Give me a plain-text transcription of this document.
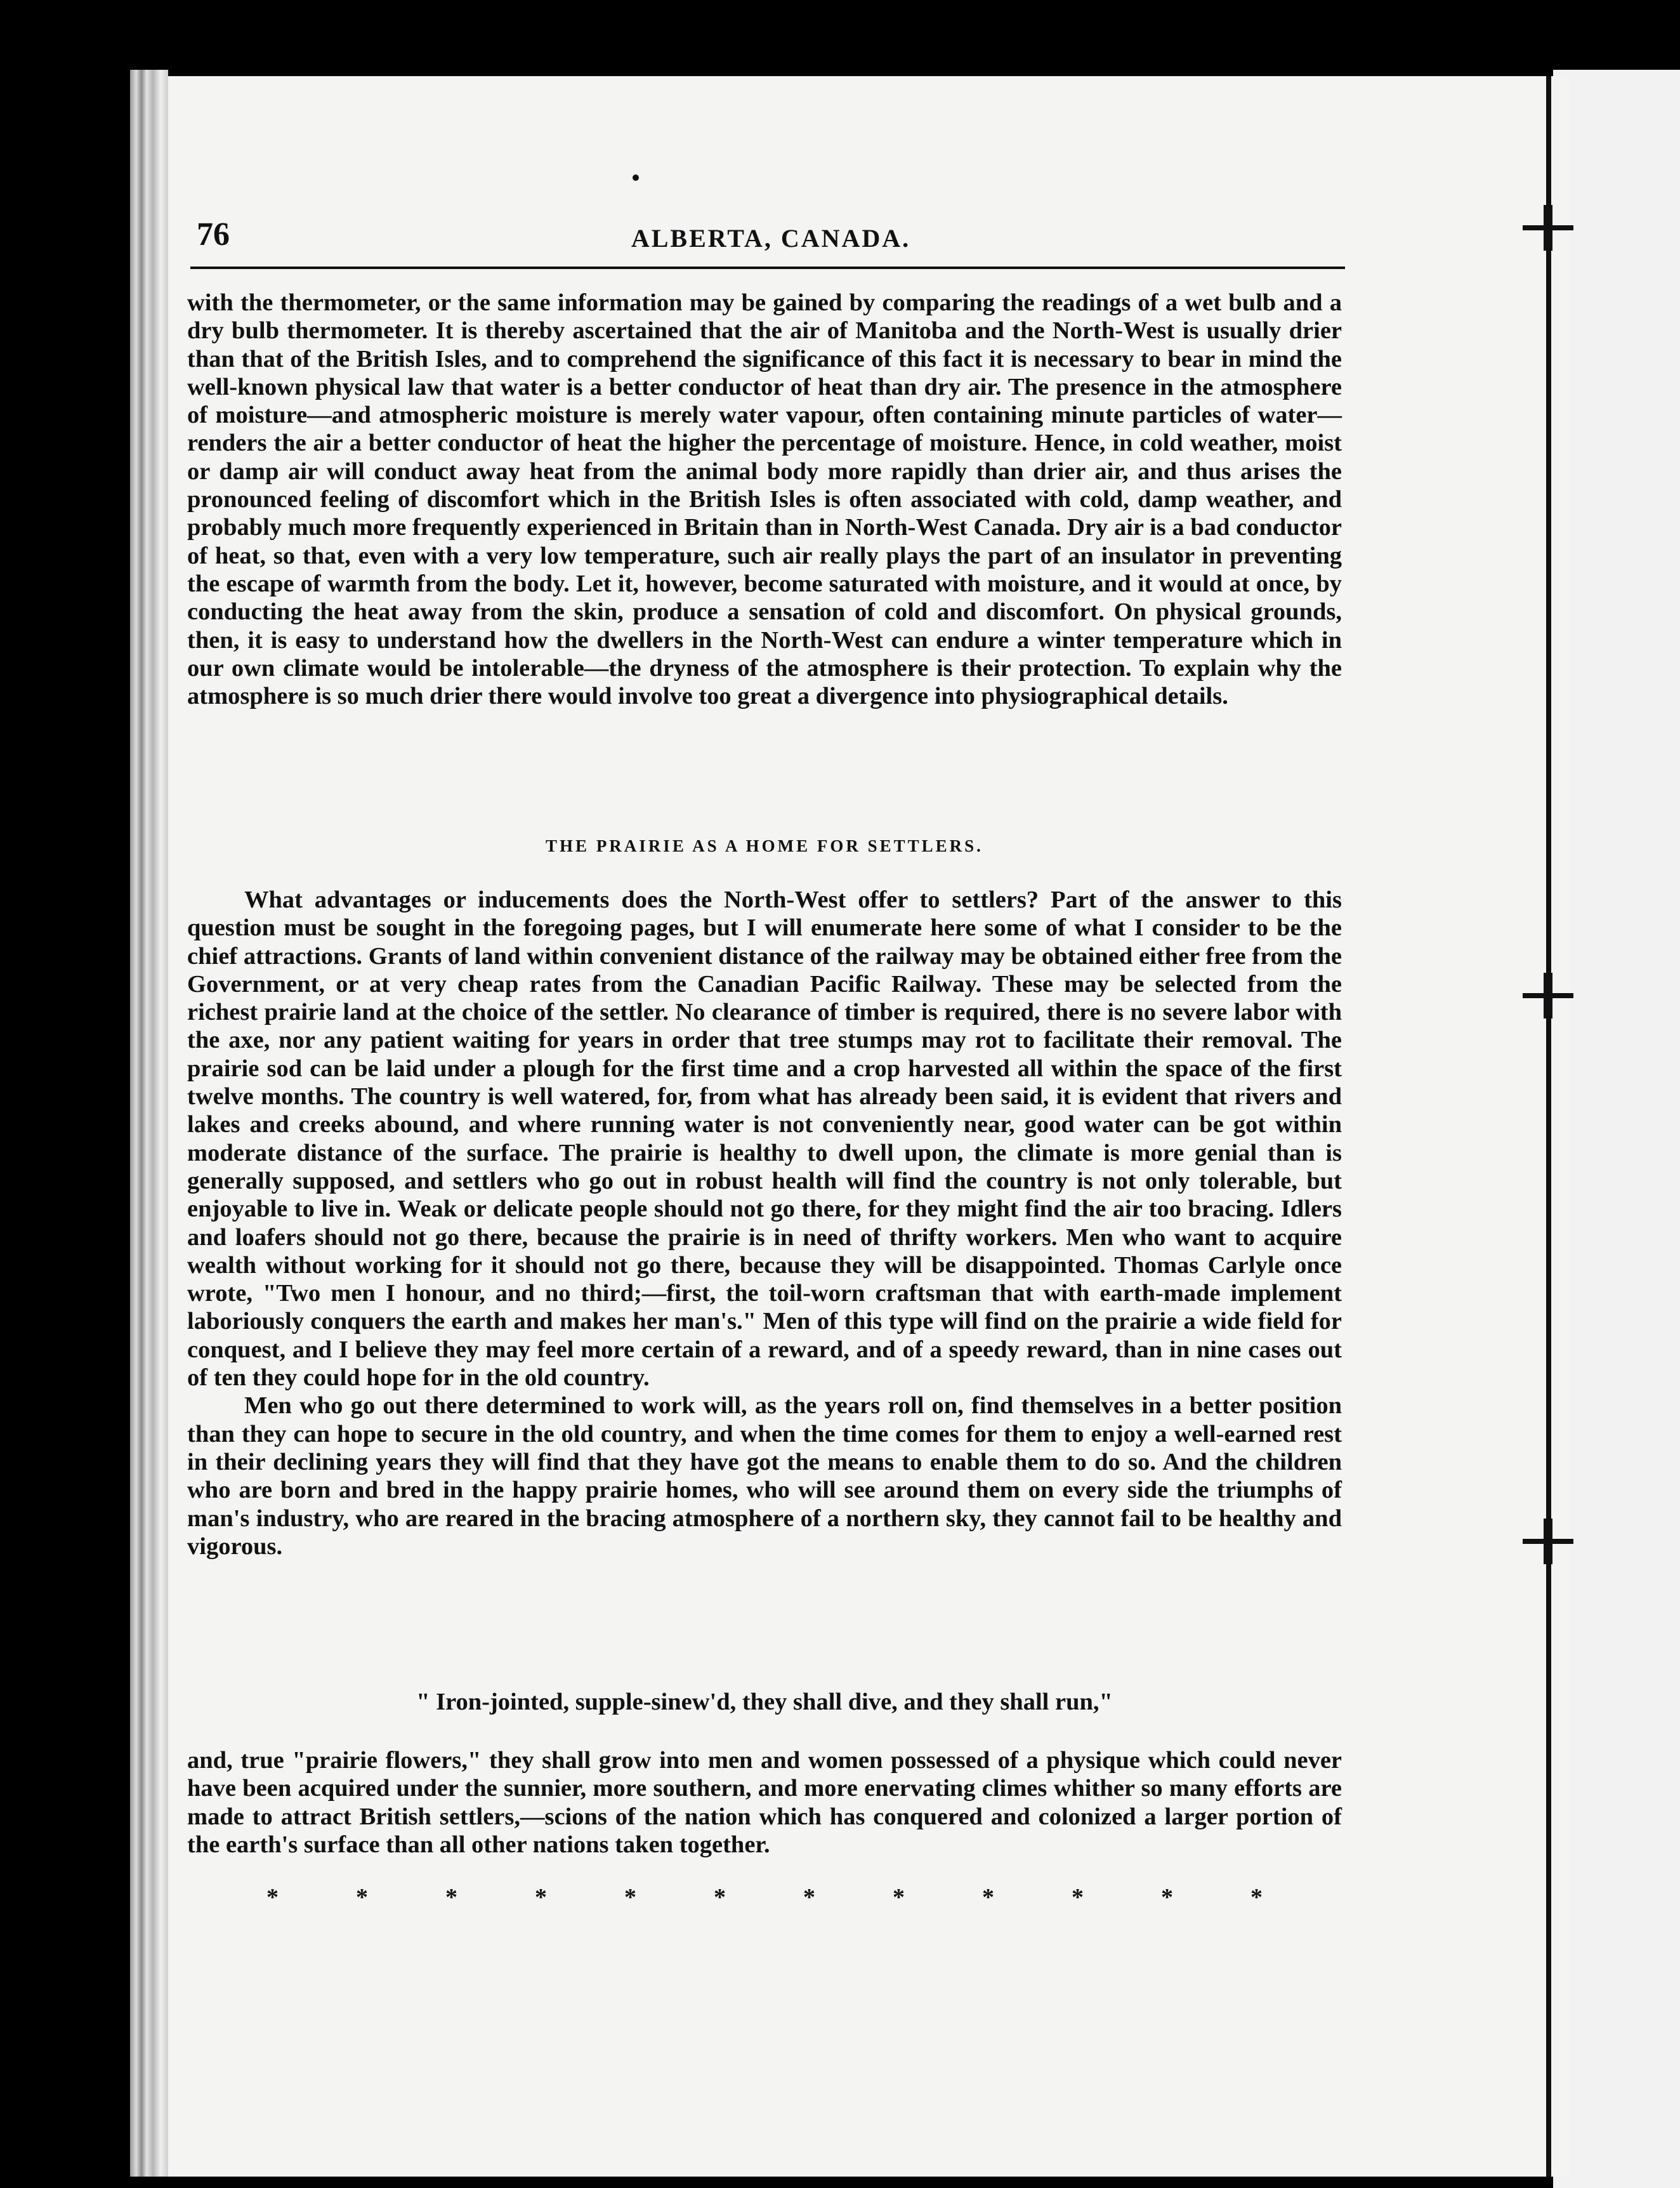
76	ALBERTA, CANADA.

with the thermometer, or the same information may be gained by comparing the readings of a wet bulb and a dry bulb thermometer. It is thereby ascertained that the air of Manitoba and the North-West is usually drier than that of the British Isles, and to comprehend the significance of this fact it is necessary to bear in mind the well-known physical law that water is a better conductor of heat than dry air. The presence in the atmosphere of moisture—and atmospheric moisture is merely water vapour, often containing minute particles of water—renders the air a better conductor of heat the higher the percentage of moisture. Hence, in cold weather, moist or damp air will conduct away heat from the animal body more rapidly than drier air, and thus arises the pronounced feeling of discomfort which in the British Isles is often associated with cold, damp weather, and probably much more frequently experienced in Britain than in North-West Canada. Dry air is a bad conductor of heat, so that, even with a very low temperature, such air really plays the part of an insulator in preventing the escape of warmth from the body. Let it, however, become saturated with moisture, and it would at once, by conducting the heat away from the skin, produce a sensation of cold and discomfort. On physical grounds, then, it is easy to understand how the dwellers in the North-West can endure a winter temperature which in our own climate would be intolerable—the dryness of the atmosphere is their protection. To explain why the atmosphere is so much drier there would involve too great a divergence into physiographical details.

THE PRAIRIE AS A HOME FOR SETTLERS.

What advantages or inducements does the North-West offer to settlers? Part of the answer to this question must be sought in the foregoing pages, but I will enumerate here some of what I consider to be the chief attractions. Grants of land within convenient distance of the railway may be obtained either free from the Government, or at very cheap rates from the Canadian Pacific Railway. These may be selected from the richest prairie land at the choice of the settler. No clearance of timber is required, there is no severe labor with the axe, nor any patient waiting for years in order that tree stumps may rot to facilitate their removal. The prairie sod can be laid under a plough for the first time and a crop harvested all within the space of the first twelve months. The country is well watered, for, from what has already been said, it is evident that rivers and lakes and creeks abound, and where running water is not conveniently near, good water can be got within moderate distance of the surface. The prairie is healthy to dwell upon, the climate is more genial than is generally supposed, and settlers who go out in robust health will find the country is not only tolerable, but enjoyable to live in. Weak or delicate people should not go there, for they might find the air too bracing. Idlers and loafers should not go there, because the prairie is in need of thrifty workers. Men who want to acquire wealth without working for it should not go there, because they will be disappointed. Thomas Carlyle once wrote, "Two men I honour, and no third;—first, the toil-worn craftsman that with earth-made implement laboriously conquers the earth and makes her man's." Men of this type will find on the prairie a wide field for conquest, and I believe they may feel more certain of a reward, and of a speedy reward, than in nine cases out of ten they could hope for in the old country.

Men who go out there determined to work will, as the years roll on, find themselves in a better position than they can hope to secure in the old country, and when the time comes for them to enjoy a well-earned rest in their declining years they will find that they have got the means to enable them to do so. And the children who are born and bred in the happy prairie homes, who will see around them on every side the triumphs of man's industry, who are reared in the bracing atmosphere of a northern sky, they cannot fail to be healthy and vigorous.

" Iron-jointed, supple-sinew'd, they shall dive, and they shall run,"

and, true "prairie flowers," they shall grow into men and women possessed of a physique which could never have been acquired under the sunnier, more southern, and more enervating climes whither so many efforts are made to attract British settlers,—scions of the nation which has conquered and colonized a larger portion of the earth's surface than all other nations taken together.

*	*	*	*	*	*	*	*	*	*	*	*
